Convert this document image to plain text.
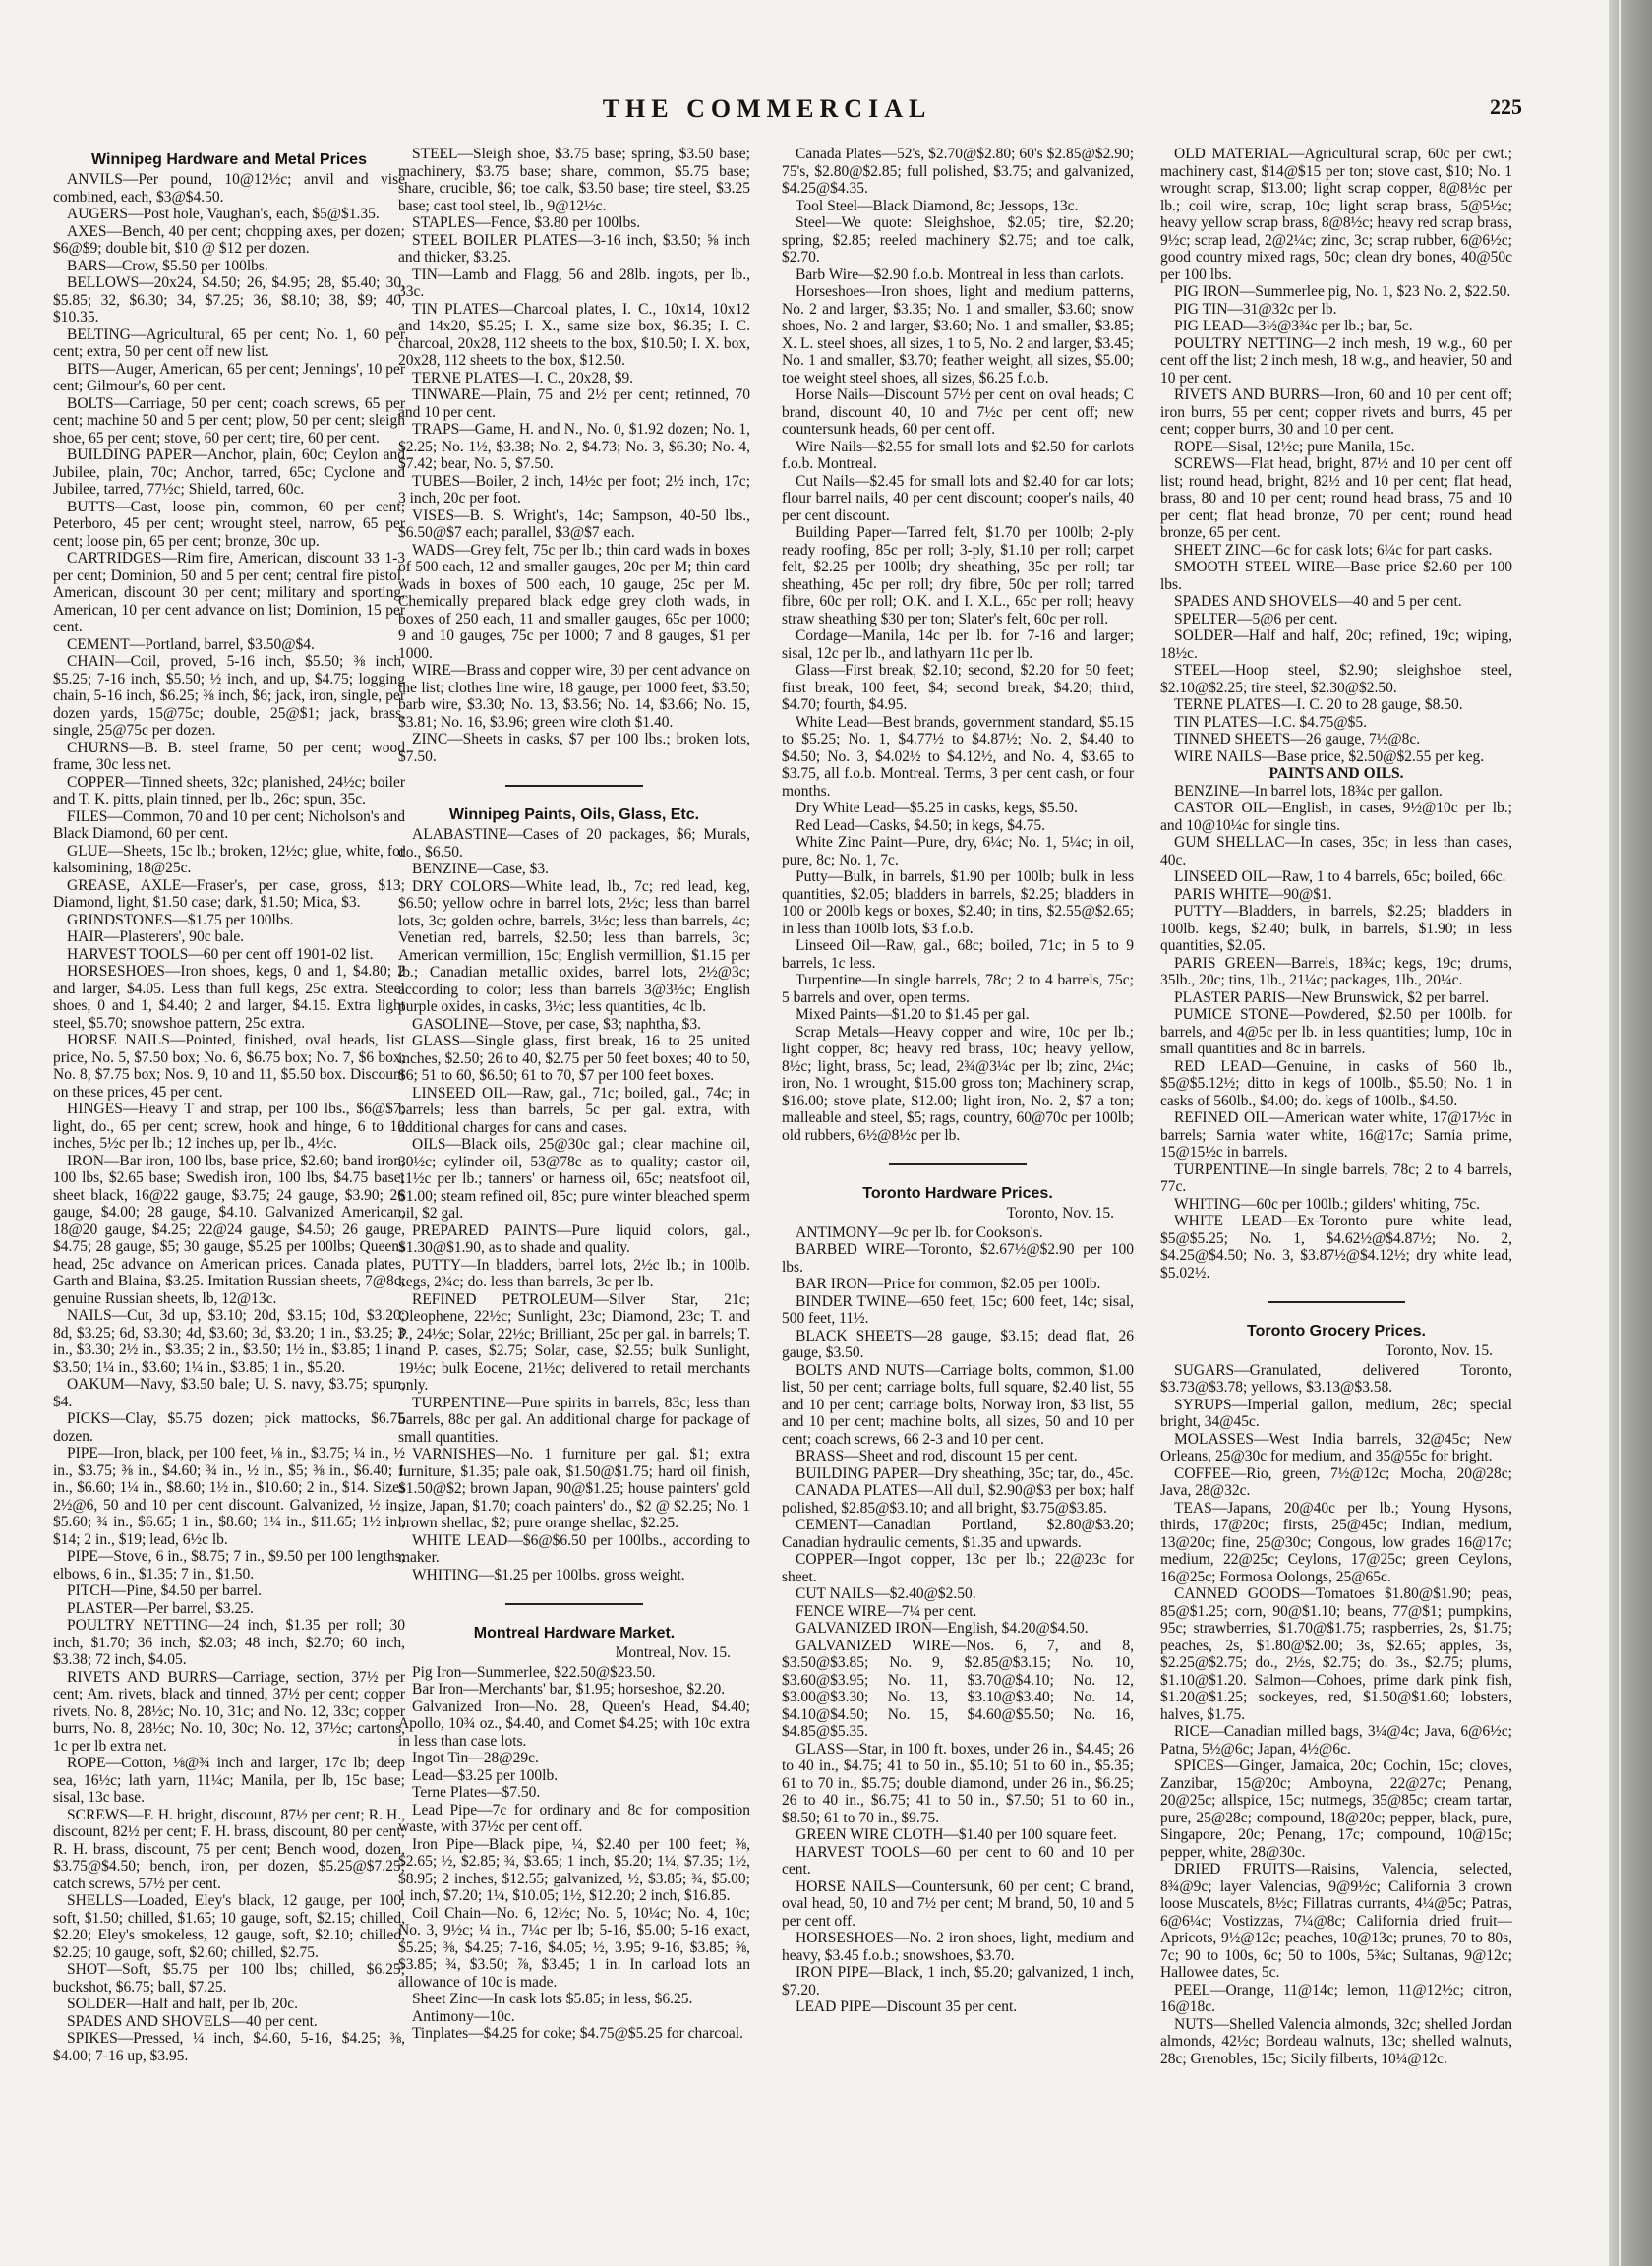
THE COMMERCIAL	225
Winnipeg Hardware and Metal Prices

ANVILS—Per pound, 10@12½c; anvil and vise combined, each, $3@$4.50.

AUGERS—Post hole, Vaughan's, each, $5@$1.35.

AXES—Bench, 40 per cent; chopping axes, per dozen; $6@$9; double bit, $10 @ $12 per dozen.

BARS—Crow, $5.50 per 100lbs.

BELLOWS—20x24, $4.50; 26, $4.95; 28, $5.40; 30, $5.85; 32, $6.30; 34, $7.25; 36, $8.10; 38, $9; 40, $10.35.

BELTING—Agricultural, 65 per cent; No. 1, 60 per cent; extra, 50 per cent off new list.

BITS—Auger, American, 65 per cent; Jennings', 10 per cent; Gilmour's, 60 per cent.

BOLTS—Carriage, 50 per cent; coach screws, 65 per cent; machine 50 and 5 per cent; plow, 50 per cent; sleigh shoe, 65 per cent; stove, 60 per cent; tire, 60 per cent.

BUILDING PAPER—Anchor, plain, 60c; Ceylon and Jubilee, plain, 70c; Anchor, tarred, 65c; Cyclone and Jubilee, tarred, 77½c; Shield, tarred, 60c.

BUTTS—Cast, loose pin, common, 60 per cent; Peterboro, 45 per cent; wrought steel, narrow, 65 per cent; loose pin, 65 per cent; bronze, 30c up.

CARTRIDGES—Rim fire, American, discount 33 1-3 per cent; Dominion, 50 and 5 per cent; central fire pistol, American, discount 30 per cent; military and sporting, American, 10 per cent advance on list; Dominion, 15 per cent.

CEMENT—Portland, barrel, $3.50@$4.

CHAIN—Coil, proved, 5-16 inch, $5.50; ⅜ inch, $5.25; 7-16 inch, $5.50; ½ inch, and up, $4.75; logging chain, 5-16 inch, $6.25; ⅜ inch, $6; jack, iron, single, per dozen yards, 15@75c; double, 25@$1; jack, brass, single, 25@75c per dozen.

CHURNS—B. B. steel frame, 50 per cent; wood frame, 30c less net.

COPPER—Tinned sheets, 32c; planished, 24½c; boiler and T. K. pitts, plain tinned, per lb., 26c; spun, 35c.

FILES—Common, 70 and 10 per cent; Nicholson's and Black Diamond, 60 per cent.

GLUE—Sheets, 15c lb.; broken, 12½c; glue, white, for kalsomining, 18@25c.

GREASE, AXLE—Fraser's, per case, gross, $13; Diamond, light, $1.50 case; dark, $1.50; Mica, $3.

GRINDSTONES—$1.75 per 100lbs.

HAIR—Plasterers', 90c bale.

HARVEST TOOLS—60 per cent off 1901-02 list.

HORSESHOES—Iron shoes, kegs, 0 and 1, $4.80; 2 and larger, $4.05. Less than full kegs, 25c extra. Steel shoes, 0 and 1, $4.40; 2 and larger, $4.15. Extra light steel, $5.70; snowshoe pattern, 25c extra.

HORSE NAILS—Pointed, finished, oval heads, list price, No. 5, $7.50 box; No. 6, $6.75 box; No. 7, $6 box; No. 8, $7.75 box; Nos. 9, 10 and 11, $5.50 box. Discount on these prices, 45 per cent.

HINGES—Heavy T and strap, per 100 lbs., $6@$7; light, do., 65 per cent; screw, hook and hinge, 6 to 10 inches, 5½c per lb.; 12 inches up, per lb., 4½c.

IRON—Bar iron, 100 lbs, base price, $2.60; band iron, 100 lbs, $2.65 base; Swedish iron, 100 lbs, $4.75 base; sheet black, 16@22 gauge, $3.75; 24 gauge, $3.90; 26 gauge, $4.00; 28 gauge, $4.10. Galvanized American, 18@20 gauge, $4.25; 22@24 gauge, $4.50; 26 gauge, $4.75; 28 gauge, $5; 30 gauge, $5.25 per 100lbs; Queens head, 25c advance on American prices. Canada plates, Garth and Blaina, $3.25. Imitation Russian sheets, 7@8c; genuine Russian sheets, lb, 12@13c.

NAILS—Cut, 3d up, $3.10; 20d, $3.15; 10d, $3.20; 8d, $3.25; 6d, $3.30; 4d, $3.60; 3d, $3.20; 1 in., $3.25; 3 in., $3.30; 2½ in., $3.35; 2 in., $3.50; 1½ in., $3.85; 1 in., $3.50; 1¼ in., $3.60; 1¼ in., $3.85; 1 in., $5.20.

OAKUM—Navy, $3.50 bale; U. S. navy, $3.75; spun, $4.

PICKS—Clay, $5.75 dozen; pick mattocks, $6.75 dozen.

PIPE—Iron, black, per 100 feet, ⅛ in., $3.75; ¼ in., ½ in., $3.75; ⅜ in., $4.60; ¾ in., ½ in., $5; ⅜ in., $6.40; 1 in., $6.60; 1¼ in., $8.60; 1½ in., $10.60; 2 in., $14. Sizes 2½@6, 50 and 10 per cent discount. Galvanized, ½ in., $5.60; ¾ in., $6.65; 1 in., $8.60; 1¼ in., $11.65; 1½ in., $14; 2 in., $19; lead, 6½c lb.

PIPE—Stove, 6 in., $8.75; 7 in., $9.50 per 100 lengths; elbows, 6 in., $1.35; 7 in., $1.50.

PITCH—Pine, $4.50 per barrel.

PLASTER—Per barrel, $3.25.

POULTRY NETTING—24 inch, $1.35 per roll; 30 inch, $1.70; 36 inch, $2.03; 48 inch, $2.70; 60 inch, $3.38; 72 inch, $4.05.

RIVETS AND BURRS—Carriage, section, 37½ per cent; Am. rivets, black and tinned, 37½ per cent; copper rivets, No. 8, 28½c; No. 10, 31c; and No. 12, 33c; copper burrs, No. 8, 28½c; No. 10, 30c; No. 12, 37½c; cartons, 1c per lb extra net.

ROPE—Cotton, ⅛@¾ inch and larger, 17c lb; deep sea, 16½c; lath yarn, 11¼c; Manila, per lb, 15c base; sisal, 13c base.

SCREWS—F. H. bright, discount, 87½ per cent; R. H., discount, 82½ per cent; F. H. brass, discount, 80 per cent; R. H. brass, discount, 75 per cent; Bench wood, dozen, $3.75@$4.50; bench, iron, per dozen, $5.25@$7.25; catch screws, 57½ per cent.

SHELLS—Loaded, Eley's black, 12 gauge, per 100, soft, $1.50; chilled, $1.65; 10 gauge, soft, $2.15; chilled, $2.20; Eley's smokeless, 12 gauge, soft, $2.10; chilled, $2.25; 10 gauge, soft, $2.60; chilled, $2.75.

SHOT—Soft, $5.75 per 100 lbs; chilled, $6.25; buckshot, $6.75; ball, $7.25.

SOLDER—Half and half, per lb, 20c.

SPADES AND SHOVELS—40 per cent.

SPIKES—Pressed, ¼ inch, $4.60, 5-16, $4.25; ⅜, $4.00; 7-16 up, $3.95.

STEEL—Sleigh shoe, $3.75 base; spring, $3.50 base; machinery, $3.75 base; share, common, $5.75 base; share, crucible, $6; toe calk, $3.50 base; tire steel, $3.25 base; cast tool steel, lb., 9@12½c.

STAPLES—Fence, $3.80 per 100lbs.

STEEL BOILER PLATES—3-16 inch, $3.50; ⅝ inch and thicker, $3.25.

TIN—Lamb and Flagg, 56 and 28lb. ingots, per lb., 33c.

TIN PLATES—Charcoal plates, I. C., 10x14, 10x12 and 14x20, $5.25; I. X., same size box, $6.35; I. C. charcoal, 20x28, 112 sheets to the box, $10.50; I. X. box, 20x28, 112 sheets to the box, $12.50.

TERNE PLATES—I. C., 20x28, $9.

TINWARE—Plain, 75 and 2½ per cent; retinned, 70 and 10 per cent.

TRAPS—Game, H. and N., No. 0, $1.92 dozen; No. 1, $2.25; No. 1½, $3.38; No. 2, $4.73; No. 3, $6.30; No. 4, $7.42; bear, No. 5, $7.50.

TUBES—Boiler, 2 inch, 14½c per foot; 2½ inch, 17c; 3 inch, 20c per foot.

VISES—B. S. Wright's, 14c; Sampson, 40-50 lbs., $6.50@$7 each; parallel, $3@$7 each.

WADS—Grey felt, 75c per lb.; thin card wads in boxes of 500 each, 12 and smaller gauges, 20c per M; thin card wads in boxes of 500 each, 10 gauge, 25c per M. Chemically prepared black edge grey cloth wads, in boxes of 250 each, 11 and smaller gauges, 65c per 1000; 9 and 10 gauges, 75c per 1000; 7 and 8 gauges, $1 per 1000.

WIRE—Brass and copper wire, 30 per cent advance on the list; clothes line wire, 18 gauge, per 1000 feet, $3.50; barb wire, $3.30; No. 13, $3.56; No. 14, $3.66; No. 15, $3.81; No. 16, $3.96; green wire cloth $1.40.

ZINC—Sheets in casks, $7 per 100 lbs.; broken lots, $7.50.

Winnipeg Paints, Oils, Glass, Etc.

ALABASTINE—Cases of 20 packages, $6; Murals, do., $6.50.

BENZINE—Case, $3.

DRY COLORS—White lead, lb., 7c; red lead, keg, $6.50; yellow ochre in barrel lots, 2½c; less than barrel lots, 3c; golden ochre, barrels, 3½c; less than barrels, 4c; Venetian red, barrels, $2.50; less than barrels, 3c; American vermillion, 15c; English vermillion, $1.15 per lb.; Canadian metallic oxides, barrel lots, 2½@3c; according to color; less than barrels 3@3½c; English purple oxides, in casks, 3½c; less quantities, 4c lb.

GASOLINE—Stove, per case, $3; naphtha, $3.

GLASS—Single glass, first break, 16 to 25 united inches, $2.50; 26 to 40, $2.75 per 50 feet boxes; 40 to 50, $6; 51 to 60, $6.50; 61 to 70, $7 per 100 feet boxes.

LINSEED OIL—Raw, gal., 71c; boiled, gal., 74c; in barrels; less than barrels, 5c per gal. extra, with additional charges for cans and cases.

OILS—Black oils, 25@30c gal.; clear machine oil, 30½c; cylinder oil, 53@78c as to quality; castor oil, 11½c per lb.; tanners' or harness oil, 65c; neatsfoot oil, $1.00; steam refined oil, 85c; pure winter bleached sperm oil, $2 gal.

PREPARED PAINTS—Pure liquid colors, gal., $1.30@$1.90, as to shade and quality.

PUTTY—In bladders, barrel lots, 2½c lb.; in 100lb. kegs, 2¾c; do. less than barrels, 3c per lb.

REFINED PETROLEUM—Silver Star, 21c; Oleophene, 22½c; Sunlight, 23c; Diamond, 23c; T. and P., 24½c; Solar, 22½c; Brilliant, 25c per gal. in barrels; T. and P. cases, $2.75; Solar, case, $2.55; bulk Sunlight, 19½c; bulk Eocene, 21½c; delivered to retail merchants only.

TURPENTINE—Pure spirits in barrels, 83c; less than barrels, 88c per gal. An additional charge for package of small quantities.

VARNISHES—No. 1 furniture per gal. $1; extra furniture, $1.35; pale oak, $1.50@$1.75; hard oil finish, $1.50@$2; brown Japan, 90@$1.25; house painters' gold size, Japan, $1.70; coach painters' do., $2 @ $2.25; No. 1 brown shellac, $2; pure orange shellac, $2.25.

WHITE LEAD—$6@$6.50 per 100lbs., according to maker.

WHITING—$1.25 per 100lbs. gross weight.

Montreal Hardware Market.
Montreal, Nov. 15.

Pig Iron—Summerlee, $22.50@$23.50.

Bar Iron—Merchants' bar, $1.95; horseshoe, $2.20.

Galvanized Iron—No. 28, Queen's Head, $4.40; Apollo, 10¾ oz., $4.40, and Comet $4.25; with 10c extra in less than case lots.

Ingot Tin—28@29c.

Lead—$3.25 per 100lb.

Terne Plates—$7.50.

Lead Pipe—7c for ordinary and 8c for composition waste, with 37½c per cent off.

Iron Pipe—Black pipe, ¼, $2.40 per 100 feet; ⅜, $2.65; ½, $2.85; ¾, $3.65; 1 inch, $5.20; 1¼, $7.35; 1½, $8.95; 2 inches, $12.55; galvanized, ½, $3.85; ¾, $5.00; 1 inch, $7.20; 1¼, $10.05; 1½, $12.20; 2 inch, $16.85.

Coil Chain—No. 6, 12½c; No. 5, 10¼c; No. 4, 10c; No. 3, 9½c; ¼ in., 7¼c per lb; 5-16, $5.00; 5-16 exact, $5.25; ⅜, $4.25; 7-16, $4.05; ½, 3.95; 9-16, $3.85; ⅝, $3.85; ¾, $3.50; ⅞, $3.45; 1 in. In carload lots an allowance of 10c is made.

Sheet Zinc—In cask lots $5.85; in less, $6.25.

Antimony—10c.

Tinplates—$4.25 for coke; $4.75@$5.25 for charcoal.

Canada Plates—52's, $2.70@$2.80; 60's $2.85@$2.90; 75's, $2.80@$2.85; full polished, $3.75; and galvanized, $4.25@$4.35.

Tool Steel—Black Diamond, 8c; Jessops, 13c.

Steel—We quote: Sleighshoe, $2.05; tire, $2.20; spring, $2.85; reeled machinery $2.75; and toe calk, $2.70.

Barb Wire—$2.90 f.o.b. Montreal in less than carlots.

Horseshoes—Iron shoes, light and medium patterns, No. 2 and larger, $3.35; No. 1 and smaller, $3.60; snow shoes, No. 2 and larger, $3.60; No. 1 and smaller, $3.85; X. L. steel shoes, all sizes, 1 to 5, No. 2 and larger, $3.45; No. 1 and smaller, $3.70; feather weight, all sizes, $5.00; toe weight steel shoes, all sizes, $6.25 f.o.b.

Horse Nails—Discount 57½ per cent on oval heads; C brand, discount 40, 10 and 7½c per cent off; new countersunk heads, 60 per cent off.

Wire Nails—$2.55 for small lots and $2.50 for carlots f.o.b. Montreal.

Cut Nails—$2.45 for small lots and $2.40 for car lots; flour barrel nails, 40 per cent discount; cooper's nails, 40 per cent discount.

Building Paper—Tarred felt, $1.70 per 100lb; 2-ply ready roofing, 85c per roll; 3-ply, $1.10 per roll; carpet felt, $2.25 per 100lb; dry sheathing, 35c per roll; tar sheathing, 45c per roll; dry fibre, 50c per roll; tarred fibre, 60c per roll; O.K. and I. X.L., 65c per roll; heavy straw sheathing $30 per ton; Slater's felt, 60c per roll.

Cordage—Manila, 14c per lb. for 7-16 and larger; sisal, 12c per lb., and lathyarn 11c per lb.

Glass—First break, $2.10; second, $2.20 for 50 feet; first break, 100 feet, $4; second break, $4.20; third, $4.70; fourth, $4.95.

White Lead—Best brands, government standard, $5.15 to $5.25; No. 1, $4.77½ to $4.87½; No. 2, $4.40 to $4.50; No. 3, $4.02½ to $4.12½, and No. 4, $3.65 to $3.75, all f.o.b. Montreal. Terms, 3 per cent cash, or four months.

Dry White Lead—$5.25 in casks, kegs, $5.50.

Red Lead—Casks, $4.50; in kegs, $4.75.

White Zinc Paint—Pure, dry, 6¼c; No. 1, 5¼c; in oil, pure, 8c; No. 1, 7c.

Putty—Bulk, in barrels, $1.90 per 100lb; bulk in less quantities, $2.05; bladders in barrels, $2.25; bladders in 100 or 200lb kegs or boxes, $2.40; in tins, $2.55@$2.65; in less than 100lb lots, $3 f.o.b.

Linseed Oil—Raw, gal., 68c; boiled, 71c; in 5 to 9 barrels, 1c less.

Turpentine—In single barrels, 78c; 2 to 4 barrels, 75c; 5 barrels and over, open terms.

Mixed Paints—$1.20 to $1.45 per gal.

Scrap Metals—Heavy copper and wire, 10c per lb.; light copper, 8c; heavy red brass, 10c; heavy yellow, 8½c; light, brass, 5c; lead, 2¾@3¼c per lb; zinc, 2¼c; iron, No. 1 wrought, $15.00 gross ton; Machinery scrap, $16.00; stove plate, $12.00; light iron, No. 2, $7 a ton; malleable and steel, $5; rags, country, 60@70c per 100lb; old rubbers, 6½@8½c per lb.

Toronto Hardware Prices.
Toronto, Nov. 15.

ANTIMONY—9c per lb. for Cookson's.

BARBED WIRE—Toronto, $2.67½@$2.90 per 100 lbs.

BAR IRON—Price for common, $2.05 per 100lb.

BINDER TWINE—650 feet, 15c; 600 feet, 14c; sisal, 500 feet, 11½.

BLACK SHEETS—28 gauge, $3.15; dead flat, 26 gauge, $3.50.

BOLTS AND NUTS—Carriage bolts, common, $1.00 list, 50 per cent; carriage bolts, full square, $2.40 list, 55 and 10 per cent; carriage bolts, Norway iron, $3 list, 55 and 10 per cent; machine bolts, all sizes, 50 and 10 per cent; coach screws, 66 2-3 and 10 per cent.

BRASS—Sheet and rod, discount 15 per cent.

BUILDING PAPER—Dry sheathing, 35c; tar, do., 45c.

CANADA PLATES—All dull, $2.90@$3 per box; half polished, $2.85@$3.10; and all bright, $3.75@$3.85.

CEMENT—Canadian Portland, $2.80@$3.20; Canadian hydraulic cements, $1.35 and upwards.

COPPER—Ingot copper, 13c per lb.; 22@23c for sheet.

CUT NAILS—$2.40@$2.50.

FENCE WIRE—7¼ per cent.

GALVANIZED IRON—English, $4.20@$4.50.

GALVANIZED WIRE—Nos. 6, 7, and 8, $3.50@$3.85; No. 9, $2.85@$3.15; No. 10, $3.60@$3.95; No. 11, $3.70@$4.10; No. 12, $3.00@$3.30; No. 13, $3.10@$3.40; No. 14, $4.10@$4.50; No. 15, $4.60@$5.50; No. 16, $4.85@$5.35.

GLASS—Star, in 100 ft. boxes, under 26 in., $4.45; 26 to 40 in., $4.75; 41 to 50 in., $5.10; 51 to 60 in., $5.35; 61 to 70 in., $5.75; double diamond, under 26 in., $6.25; 26 to 40 in., $6.75; 41 to 50 in., $7.50; 51 to 60 in., $8.50; 61 to 70 in., $9.75.

GREEN WIRE CLOTH—$1.40 per 100 square feet.

HARVEST TOOLS—60 per cent to 60 and 10 per cent.

HORSE NAILS—Countersunk, 60 per cent; C brand, oval head, 50, 10 and 7½ per cent; M brand, 50, 10 and 5 per cent off.

HORSESHOES—No. 2 iron shoes, light, medium and heavy, $3.45 f.o.b.; snowshoes, $3.70.

IRON PIPE—Black, 1 inch, $5.20; galvanized, 1 inch, $7.20.

LEAD PIPE—Discount 35 per cent.

OLD MATERIAL—Agricultural scrap, 60c per cwt.; machinery cast, $14@$15 per ton; stove cast, $10; No. 1 wrought scrap, $13.00; light scrap copper, 8@8½c per lb.; coil wire, scrap, 10c; light scrap brass, 5@5½c; heavy yellow scrap brass, 8@8½c; heavy red scrap brass, 9½c; scrap lead, 2@2¼c; zinc, 3c; scrap rubber, 6@6½c; good country mixed rags, 50c; clean dry bones, 40@50c per 100 lbs.

PIG IRON—Summerlee pig, No. 1, $23 No. 2, $22.50.

PIG TIN—31@32c per lb.

PIG LEAD—3½@3¾c per lb.; bar, 5c.

POULTRY NETTING—2 inch mesh, 19 w.g., 60 per cent off the list; 2 inch mesh, 18 w.g., and heavier, 50 and 10 per cent.

RIVETS AND BURRS—Iron, 60 and 10 per cent off; iron burrs, 55 per cent; copper rivets and burrs, 45 per cent; copper burrs, 30 and 10 per cent.

ROPE—Sisal, 12½c; pure Manila, 15c.

SCREWS—Flat head, bright, 87½ and 10 per cent off list; round head, bright, 82½ and 10 per cent; flat head, brass, 80 and 10 per cent; round head brass, 75 and 10 per cent; flat head bronze, 70 per cent; round head bronze, 65 per cent.

SHEET ZINC—6c for cask lots; 6¼c for part casks.

SMOOTH STEEL WIRE—Base price $2.60 per 100 lbs.

SPADES AND SHOVELS—40 and 5 per cent.

SPELTER—5@6 per cent.

SOLDER—Half and half, 20c; refined, 19c; wiping, 18½c.

STEEL—Hoop steel, $2.90; sleighshoe steel, $2.10@$2.25; tire steel, $2.30@$2.50.

TERNE PLATES—I. C. 20 to 28 gauge, $8.50.

TIN PLATES—I.C. $4.75@$5.

TINNED SHEETS—26 gauge, 7½@8c.

WIRE NAILS—Base price, $2.50@$2.55 per keg.

PAINTS AND OILS.

BENZINE—In barrel lots, 18¾c per gallon.

CASTOR OIL—English, in cases, 9½@10c per lb.; and 10@10¼c for single tins.

GUM SHELLAC—In cases, 35c; in less than cases, 40c.

LINSEED OIL—Raw, 1 to 4 barrels, 65c; boiled, 66c.

PARIS WHITE—90@$1.

PUTTY—Bladders, in barrels, $2.25; bladders in 100lb. kegs, $2.40; bulk, in barrels, $1.90; in less quantities, $2.05.

PARIS GREEN—Barrels, 18¾c; kegs, 19c; drums, 35lb., 20c; tins, 1lb., 21¼c; packages, 1lb., 20¼c.

PLASTER PARIS—New Brunswick, $2 per barrel.

PUMICE STONE—Powdered, $2.50 per 100lb. for barrels, and 4@5c per lb. in less quantities; lump, 10c in small quantities and 8c in barrels.

RED LEAD—Genuine, in casks of 560 lb., $5@$5.12½; ditto in kegs of 100lb., $5.50; No. 1 in casks of 560lb., $4.00; do. kegs of 100lb., $4.50.

REFINED OIL—American water white, 17@17½c in barrels; Sarnia water white, 16@17c; Sarnia prime, 15@15½c in barrels.

TURPENTINE—In single barrels, 78c; 2 to 4 barrels, 77c.

WHITING—60c per 100lb.; gilders' whiting, 75c.

WHITE LEAD—Ex-Toronto pure white lead, $5@$5.25; No. 1, $4.62½@$4.87½; No. 2, $4.25@$4.50; No. 3, $3.87½@$4.12½; dry white lead, $5.02½.

Toronto Grocery Prices.
Toronto, Nov. 15.

SUGARS—Granulated, delivered Toronto, $3.73@$3.78; yellows, $3.13@$3.58.

SYRUPS—Imperial gallon, medium, 28c; special bright, 34@45c.

MOLASSES—West India barrels, 32@45c; New Orleans, 25@30c for medium, and 35@55c for bright.

COFFEE—Rio, green, 7½@12c; Mocha, 20@28c; Java, 28@32c.

TEAS—Japans, 20@40c per lb.; Young Hysons, thirds, 17@20c; firsts, 25@45c; Indian, medium, 13@20c; fine, 25@30c; Congous, low grades 16@17c; medium, 22@25c; Ceylons, 17@25c; green Ceylons, 16@25c; Formosa Oolongs, 25@65c.

CANNED GOODS—Tomatoes $1.80@$1.90; peas, 85@$1.25; corn, 90@$1.10; beans, 77@$1; pumpkins, 95c; strawberries, $1.70@$1.75; raspberries, 2s, $1.75; peaches, 2s, $1.80@$2.00; 3s, $2.65; apples, 3s, $2.25@$2.75; do., 2½s, $2.75; do. 3s., $2.75; plums, $1.10@$1.20. Salmon—Cohoes, prime dark pink fish, $1.20@$1.25; sockeyes, red, $1.50@$1.60; lobsters, halves, $1.75.

RICE—Canadian milled bags, 3¼@4c; Java, 6@6½c; Patna, 5½@6c; Japan, 4½@6c.

SPICES—Ginger, Jamaica, 20c; Cochin, 15c; cloves, Zanzibar, 15@20c; Amboyna, 22@27c; Penang, 20@25c; allspice, 15c; nutmegs, 35@85c; cream tartar, pure, 25@28c; compound, 18@20c; pepper, black, pure, Singapore, 20c; Penang, 17c; compound, 10@15c; pepper, white, 28@30c.

DRIED FRUITS—Raisins, Valencia, selected, 8¾@9c; layer Valencias, 9@9½c; California 3 crown loose Muscatels, 8½c; Fillatras currants, 4¼@5c; Patras, 6@6¼c; Vostizzas, 7¼@8c; California dried fruit—Apricots, 9½@12c; peaches, 10@13c; prunes, 70 to 80s, 7c; 90 to 100s, 6c; 50 to 100s, 5¾c; Sultanas, 9@12c; Hallowee dates, 5c.

PEEL—Orange, 11@14c; lemon, 11@12½c; citron, 16@18c.

NUTS—Shelled Valencia almonds, 32c; shelled Jordan almonds, 42½c; Bordeau walnuts, 13c; shelled walnuts, 28c; Grenobles, 15c; Sicily filberts, 10¼@12c.
